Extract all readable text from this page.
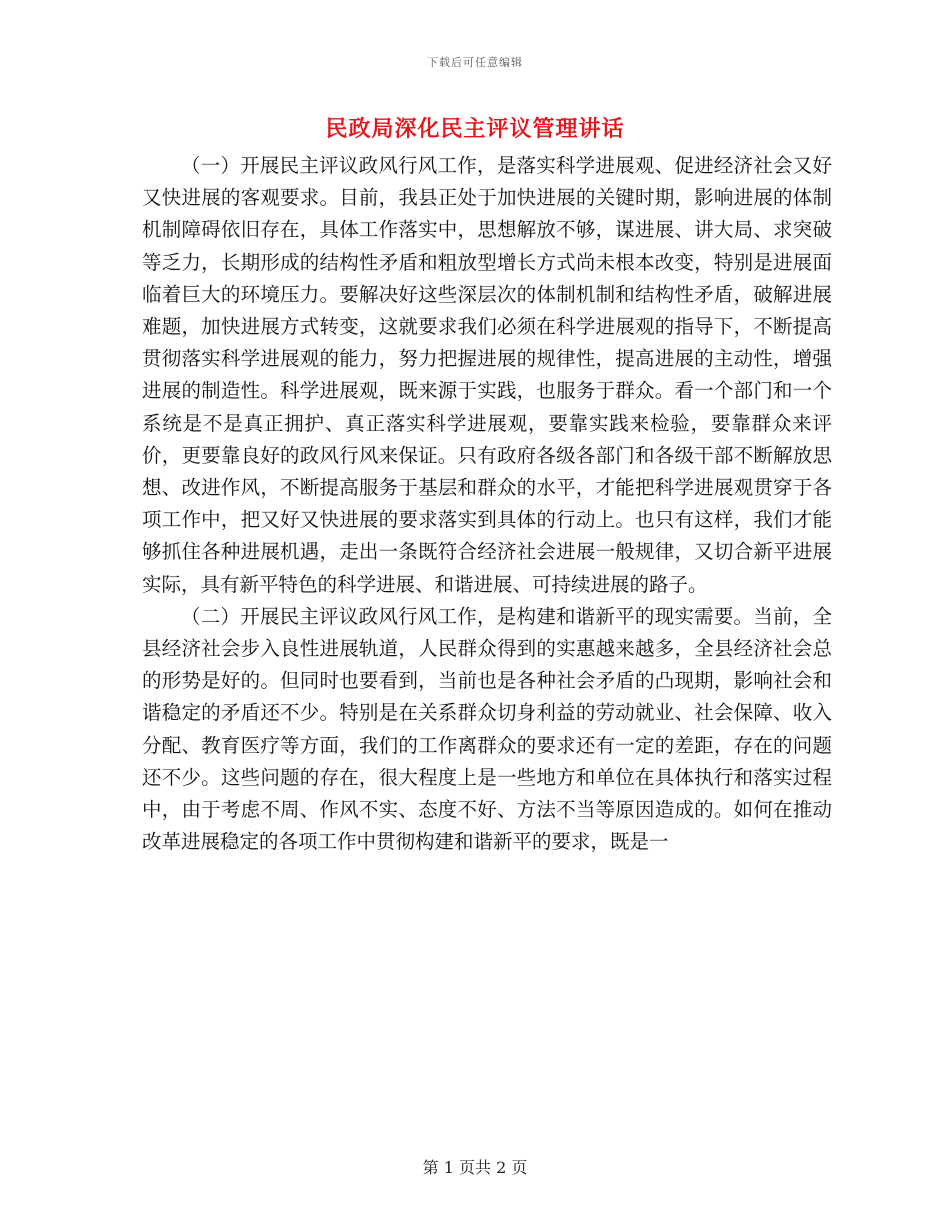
下载后可任意编辑
民政局深化民主评议管理讲话

（一）开展民主评议政风行风工作，是落实科学进展观、促进经济社会又好又快进展的客观要求。目前，我县正处于加快进展的关键时期，影响进展的体制机制障碍依旧存在，具体工作落实中，思想解放不够，谋进展、讲大局、求突破等乏力，长期形成的结构性矛盾和粗放型增长方式尚未根本改变，特别是进展面临着巨大的环境压力。要解决好这些深层次的体制机制和结构性矛盾，破解进展难题，加快进展方式转变，这就要求我们必须在科学进展观的指导下，不断提高贯彻落实科学进展观的能力，努力把握进展的规律性，提高进展的主动性，增强进展的制造性。科学进展观，既来源于实践，也服务于群众。看一个部门和一个系统是不是真正拥护、真正落实科学进展观，要靠实践来检验，要靠群众来评价，更要靠良好的政风行风来保证。只有政府各级各部门和各级干部不断解放思想、改进作风，不断提高服务于基层和群众的水平，才能把科学进展观贯穿于各项工作中，把又好又快进展的要求落实到具体的行动上。也只有这样，我们才能够抓住各种进展机遇，走出一条既符合经济社会进展一般规律，又切合新平进展实际，具有新平特色的科学进展、和谐进展、可持续进展的路子。

（二）开展民主评议政风行风工作，是构建和谐新平的现实需要。当前，全县经济社会步入良性进展轨道，人民群众得到的实惠越来越多，全县经济社会总的形势是好的。但同时也要看到，当前也是各种社会矛盾的凸现期，影响社会和谐稳定的矛盾还不少。特别是在关系群众切身利益的劳动就业、社会保障、收入分配、教育医疗等方面，我们的工作离群众的要求还有一定的差距，存在的问题还不少。这些问题的存在，很大程度上是一些地方和单位在具体执行和落实过程中，由于考虑不周、作风不实、态度不好、方法不当等原因造成的。如何在推动改革进展稳定的各项工作中贯彻构建和谐新平的要求，既是一

第 1 页共 2 页
